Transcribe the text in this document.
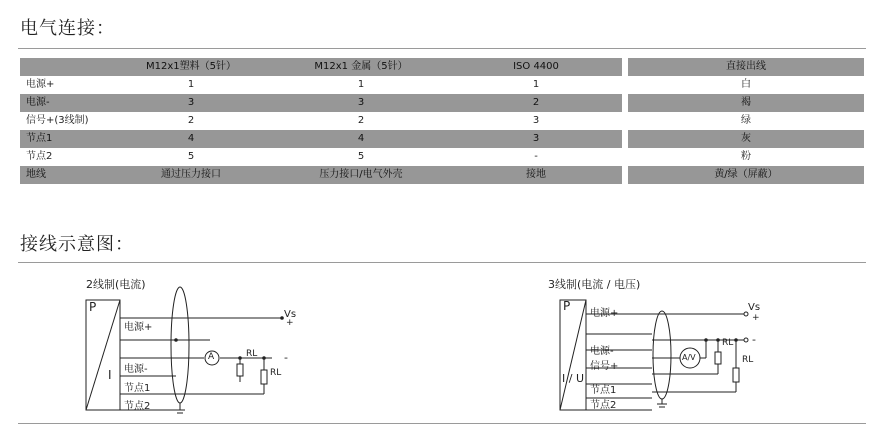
电气连接：
	M12x1塑料（5针）	M12x1 金属（5针）	ISO 4400		直接出线
电源+	1	1	1		白
电源-	3	3	2		褐
信号+(3线制)	2	2	3		绿
节点1	4	4	3		灰
节点2	5	5	-		粉
地线	通过压力接口	压力接口/电气外壳	接地		黄/绿（屏蔽）
接线示意图：
2线制(电流)
P
I
电源+
电源-
节点1
节点2
A	RL
RL
Vs
+
-
3线制(电流 / 电压)
P
I / U
电源+
电源-
信号+
节点1
节点2
A/V
RL
RL
Vs
+
-
